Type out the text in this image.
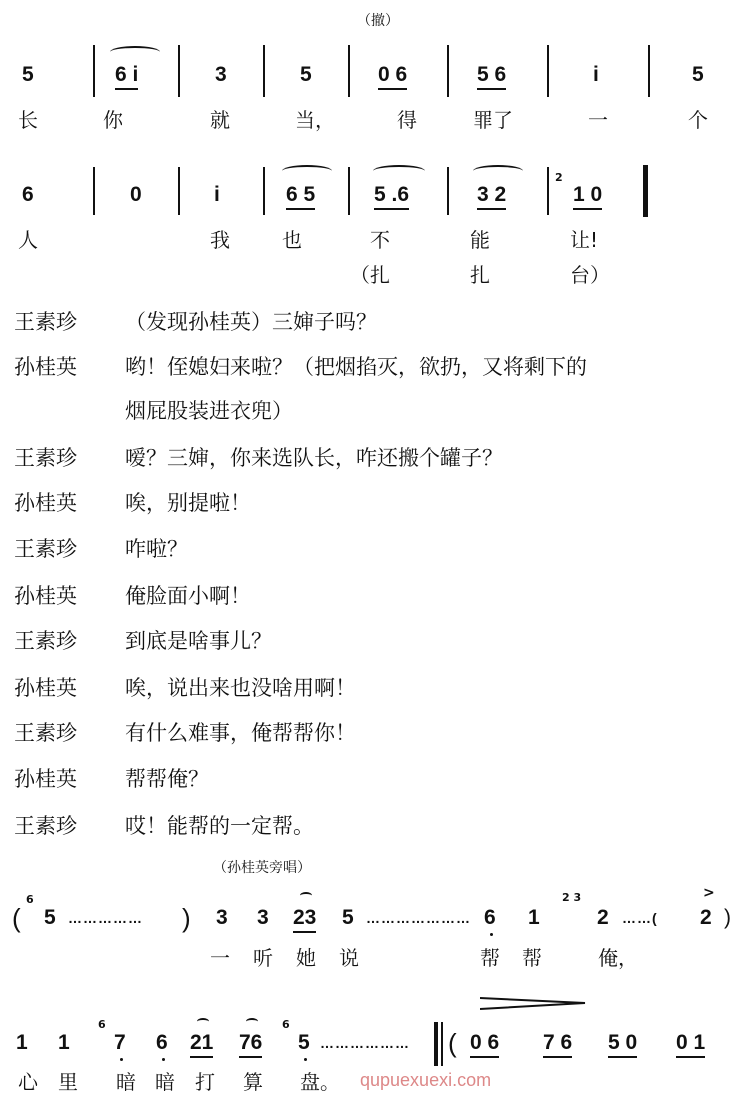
（撤）
5	6 i	3	5	0 6	5 6	i	5
长	你	就	当，	得	罪了	一	个
6	0	i	6 5	5 .6	3 2
2
1 0
人	我	也	不	能	让!
（扎	扎	台）
王素珍 （发现孙桂英）三婶子吗？
孙桂英 哟！侄媳妇来啦？（把烟掐灭，欲扔，又将剩下的
烟屁股装进衣兜）
王素珍 嗳？三婶，你来选队长，咋还搬个罐子？
孙桂英 唉，别提啦！
王素珍 咋啦？
孙桂英 俺脸面小啊！
王素珍 到底是啥事儿？
孙桂英 唉，说出来也没啥用啊！
王素珍 有什么难事，俺帮帮你！
孙桂英 帮帮俺？
王素珍 哎！能帮的一定帮。
（孙桂英旁唱）
6
( 5 …………… ) 3 3 23 5 ………………… 6 1
2 3
2 ……(
>
2 )
一 听 她 说	帮 帮	俺，
1 1
6
7 6 21 76
6
5 ……………… ( 0 6 7 6 5 0 0 1
心 里 暗 暗 打 算 盘。 qupuexuexi.com
